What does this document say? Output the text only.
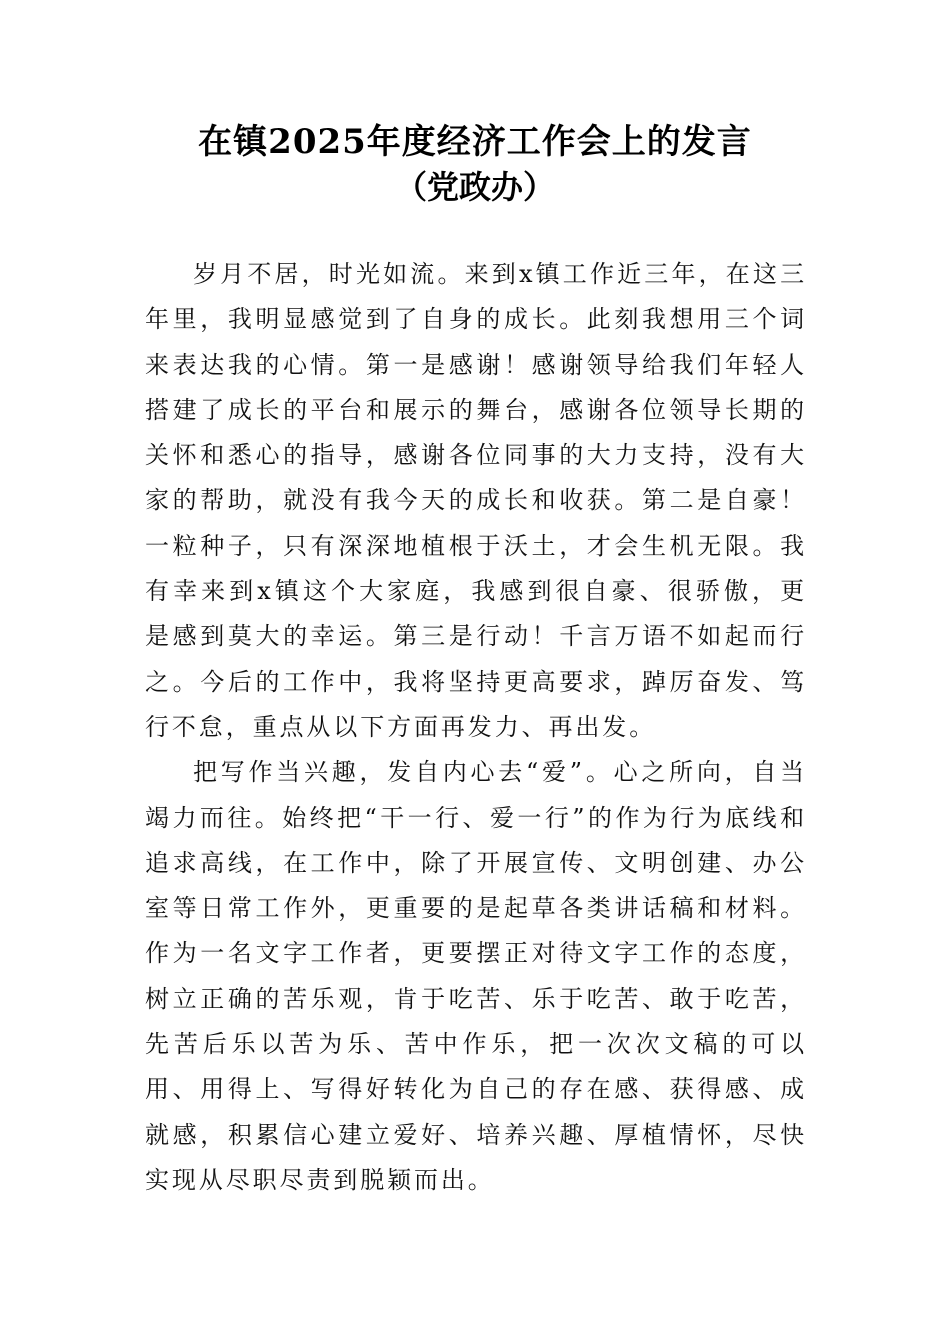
在镇2025年度经济工作会上的发言
（党政办）

岁月不居，时光如流。来到x镇工作近三年，在这三年里，我明显感觉到了自身的成长。此刻我想用三个词来表达我的心情。第一是感谢！感谢领导给我们年轻人搭建了成长的平台和展示的舞台，感谢各位领导长期的关怀和悉心的指导，感谢各位同事的大力支持，没有大家的帮助，就没有我今天的成长和收获。第二是自豪！一粒种子，只有深深地植根于沃土，才会生机无限。我有幸来到x镇这个大家庭，我感到很自豪、很骄傲，更是感到莫大的幸运。第三是行动！千言万语不如起而行之。今后的工作中，我将坚持更高要求，踔厉奋发、笃行不怠，重点从以下方面再发力、再出发。

把写作当兴趣，发自内心去“爱”。心之所向，自当竭力而往。始终把“干一行、爱一行”的作为行为底线和追求高线，在工作中，除了开展宣传、文明创建、办公室等日常工作外，更重要的是起草各类讲话稿和材料。作为一名文字工作者，更要摆正对待文字工作的态度，树立正确的苦乐观，肯于吃苦、乐于吃苦、敢于吃苦，先苦后乐以苦为乐、苦中作乐，把一次次文稿的可以用、用得上、写得好转化为自己的存在感、获得感、成就感，积累信心建立爱好、培养兴趣、厚植情怀，尽快实现从尽职尽责到脱颖而出。
